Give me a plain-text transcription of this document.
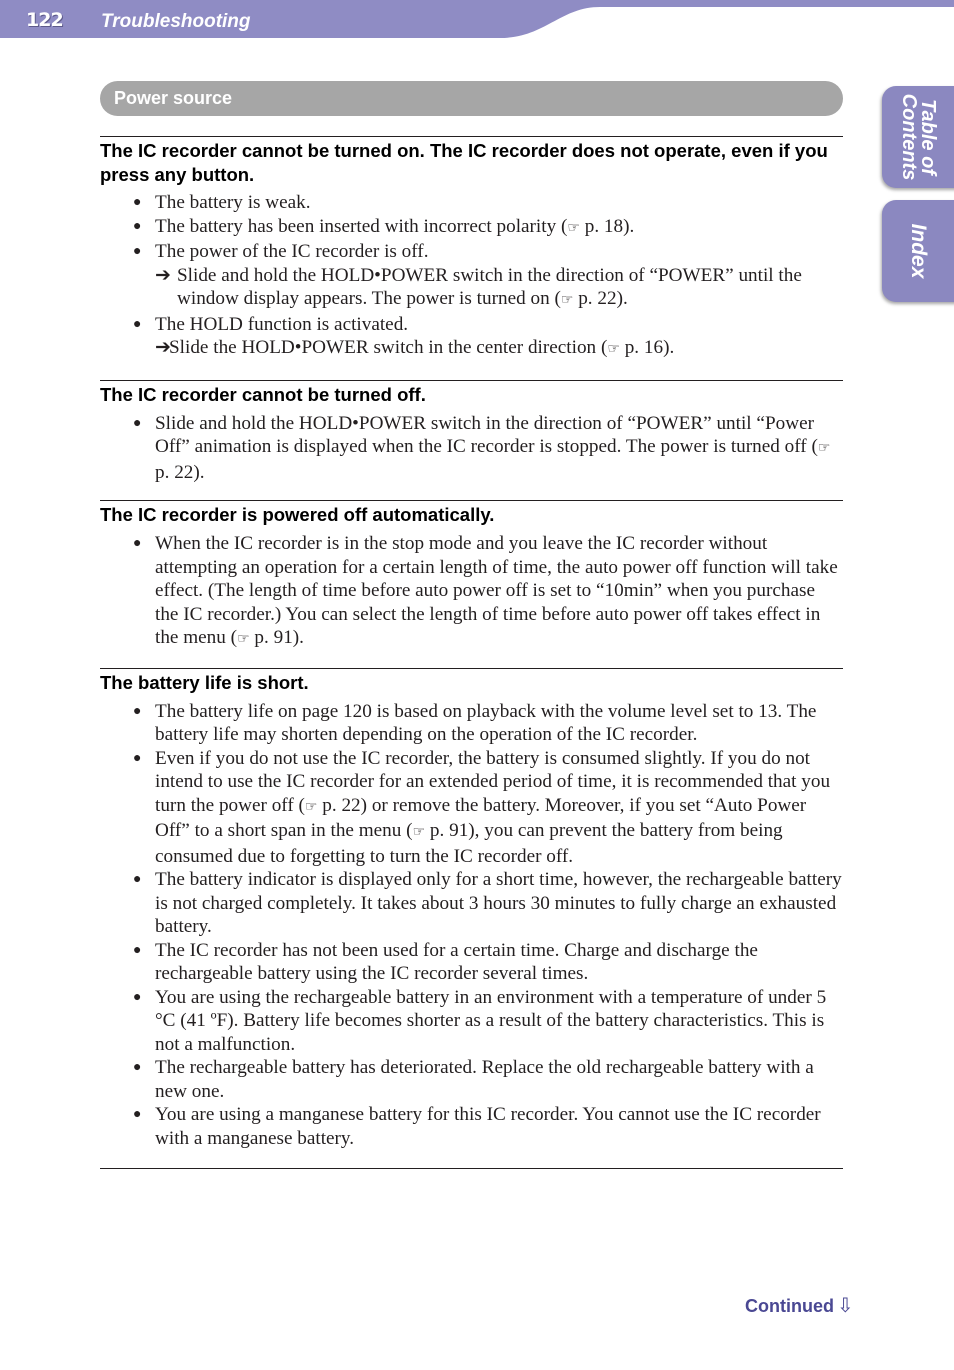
122 Troubleshooting
Table of
Contents
Index
Power source
The IC recorder cannot be turned on. The IC recorder does not operate, even if you press any button.
● The battery is weak.
● The battery has been inserted with incorrect polarity (☞ p. 18).
● The power of the IC recorder is off.
➔ Slide and hold the HOLD•POWER switch in the direction of “POWER” until the window display appears. The power is turned on (☞ p. 22).
● The HOLD function is activated.
➔
Slide the HOLD•POWER switch in the center direction (☞ p. 16).
The IC recorder cannot be turned off.
● Slide and hold the HOLD•POWER switch in the direction of “POWER” until “Power Off” animation is displayed when the IC recorder is stopped. The power is turned off (☞ p. 22).
The IC recorder is powered off automatically.
● When the IC recorder is in the stop mode and you leave the IC recorder without attempting an operation for a certain length of time, the auto power off function will take effect. (The length of time before auto power off is set to “10min” when you purchase the IC recorder.) You can select the length of time before auto power off takes effect in the menu (☞ p. 91).
The battery life is short.
● The battery life on page 120 is based on playback with the volume level set to 13. The battery life may shorten depending on the operation of the IC recorder.
● Even if you do not use the IC recorder, the battery is consumed slightly. If you do not intend to use the IC recorder for an extended period of time, it is recommended that you turn the power off (☞ p. 22) or remove the battery. Moreover, if you set “Auto Power Off” to a short span in the menu (☞ p. 91), you can prevent the battery from being consumed due to forgetting to turn the IC recorder off.
● The battery indicator is displayed only for a short time, however, the rechargeable battery is not charged completely. It takes about 3 hours 30 minutes to fully charge an exhausted battery.
● The IC recorder has not been used for a certain time. Charge and discharge the rechargeable battery using the IC recorder several times.
● You are using the rechargeable battery in an environment with a temperature of under 5 °C (41 ºF). Battery life becomes shorter as a result of the battery characteristics. This is not a malfunction.
● The rechargeable battery has deteriorated. Replace the old rechargeable battery with a new one.
● You are using a manganese battery for this IC recorder. You cannot use the IC recorder with a manganese battery.
Continued ⇩
